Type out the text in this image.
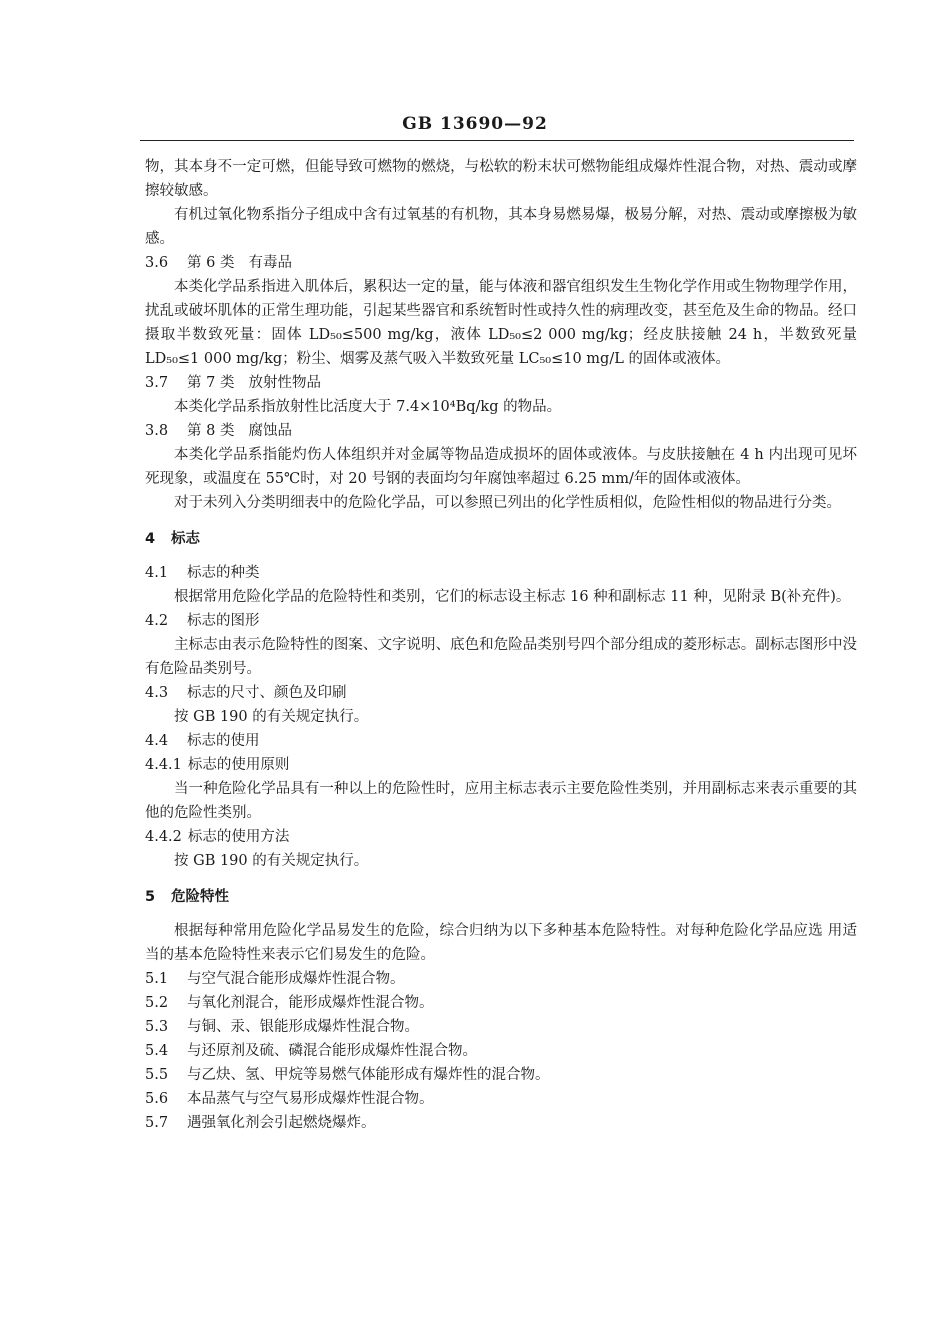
GB 13690—92

物，其本身不一定可燃，但能导致可燃物的燃烧，与松软的粉末状可燃物能组成爆炸性混合物，对热、震动或摩擦较敏感。

有机过氧化物系指分子组成中含有过氧基的有机物，其本身易燃易爆，极易分解，对热、震动或摩擦极为敏感。

3.6 第 6 类 有毒品

本类化学品系指进入肌体后，累积达一定的量，能与体液和器官组织发生生物化学作用或生物物理学作用，扰乱或破坏肌体的正常生理功能，引起某些器官和系统暂时性或持久性的病理改变，甚至危及生命的物品。经口摄取半数致死量：固体 LD₅₀≤500 mg/kg，液体 LD₅₀≤2 000 mg/kg；经皮肤接触 24 h，半数致死量 LD₅₀≤1 000 mg/kg；粉尘、烟雾及蒸气吸入半数致死量 LC₅₀≤10 mg/L 的固体或液体。

3.7 第 7 类 放射性物品

本类化学品系指放射性比活度大于 7.4×10⁴Bq/kg 的物品。

3.8 第 8 类 腐蚀品

本类化学品系指能灼伤人体组织并对金属等物品造成损坏的固体或液体。与皮肤接触在 4 h 内出现可见坏死现象，或温度在 55℃时，对 20 号钢的表面均匀年腐蚀率超过 6.25 mm/年的固体或液体。

对于未列入分类明细表中的危险化学品，可以参照已列出的化学性质相似，危险性相似的物品进行分类。

4 标志
4.1 标志的种类

根据常用危险化学品的危险特性和类别，它们的标志设主标志 16 种和副标志 11 种，见附录 B(补充件)。

4.2 标志的图形

主标志由表示危险特性的图案、文字说明、底色和危险品类别号四个部分组成的菱形标志。副标志图形中没有危险品类别号。

4.3 标志的尺寸、颜色及印刷

按 GB 190 的有关规定执行。

4.4 标志的使用
4.4.1 标志的使用原则

当一种危险化学品具有一种以上的危险性时，应用主标志表示主要危险性类别，并用副标志来表示重要的其他的危险性类别。

4.4.2 标志的使用方法

按 GB 190 的有关规定执行。

5 危险特性

根据每种常用危险化学品易发生的危险，综合归纳为以下多种基本危险特性。对每种危险化学品应选 用适当的基本危险特性来表示它们易发生的危险。

5.1 与空气混合能形成爆炸性混合物。
5.2 与氧化剂混合，能形成爆炸性混合物。
5.3 与铜、汞、银能形成爆炸性混合物。
5.4 与还原剂及硫、磷混合能形成爆炸性混合物。
5.5 与乙炔、氢、甲烷等易燃气体能形成有爆炸性的混合物。
5.6 本品蒸气与空气易形成爆炸性混合物。
5.7 遇强氧化剂会引起燃烧爆炸。
